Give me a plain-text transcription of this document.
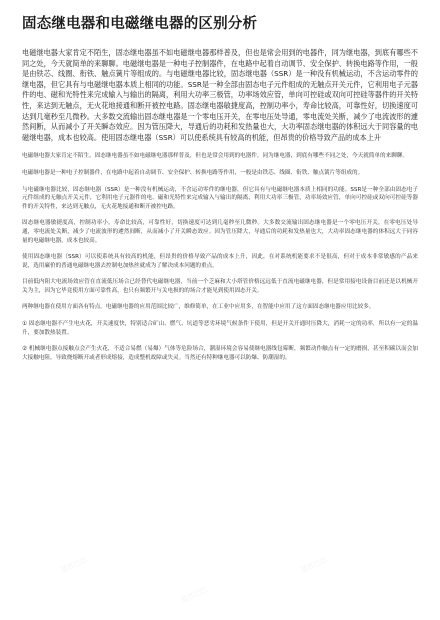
固态继电器和电磁继电器的区别分析
电磁继电器大家肯定不陌生，固态继电器虽不如电磁继电器那样普及，但也是常会用到的电器件，同为继电器，到底有哪些不同之处，今天就简单的来聊聊。电磁继电器是一种电子控制器件，在电路中起着自动调节、安全保护、转换电路等作用，一般是由铁芯、线圈、衔铁、触点簧片等组成的。与电磁继电器比较，固态继电器（SSR）是一种没有机械运动，不含运动零件的继电器，但它具有与电磁继电器本质上相同的功能。SSR是一种全部由固态电子元件组成的无触点开关元件，它利用电子元器件的电、磁和光特性来完成输入与输出的隔离，利用大功率三极管，功率场效应管，单向可控硅或双向可控硅等器件的开关特性，来达到无触点，无火花地接通和断开被控电路。固态继电器敏捷度高，控制功率小，寿命比较高，可靠性好，切换速度可达到几毫秒至几微秒。大多数交流输出固态继电器是一个零电压开关，在零电压处导通，零电流处关断，减少了电流波形的遽然间断，从而减小了开关瞬态效应。因为管压降大，导通后的功耗和发热量也大，大功率固态继电器的体积远大于同容量的电磁继电器，成本也较高。使用固态继电器（SSR）可以使系统具有较高的机能，但昂贵的价格导致产品的成本上升
电磁继电器大家肯定不陌生，固态继电器虽不如电磁继电器那样普及，但也是常会用到的电器件，同为继电器，到底有哪些不同之处，今天就简单的来聊聊。
电磁继电器是一种电子控制器件，在电路中起着自动调节、安全保护、转换电路等作用，一般是由铁芯、线圈、衔铁、触点簧片等组成的。
与电磁继电器比较，固态继电器（SSR）是一种没有机械运动，不含运动零件的继电器，但它具有与电磁继电器本质上相同的功能。SSR是一种全部由固态电子元件组成的无触点开关元件，它利用电子元器件的电、磁和光特性来完成输入与输出的隔离，利用大功率三极管，功率场效应管，单向可控硅或双向可控硅等器件的开关特性，来达到无触点，无火花地接通和断开被控电路。
固态继电器敏捷度高，控制功率小，寿命比较高，可靠性好，切换速度可达到几毫秒至几微秒。大多数交流输出固态继电器是一个零电压开关，在零电压处导通，零电流处关断，减少了电流波形的遽然间断，从而减小了开关瞬态效应。因为管压降大，导通后的功耗和发热量也大，大功率固态继电器的体积远大于同容量的电磁继电器，成本也较高。
使用固态继电器（SSR）可以使系统具有较高的机能，但昂贵的价格导致产品的成本上升，因此，在对系统机能要求不是很高，但对于成本非常敏感的产品来说，选用廉价的普通电磁继电器去控制电加热丝就成为了解决成本问题的重点。
目前低内阻大电流场效应管在直流低压场合已经替代电磁继电器，当前一个乏麻和大小塔管价格远远低于直流电磁继电器，但是常用接电设备目前还是以机械开关为主，因为它毕竟使用方面可靠性高，也只有频繁开与关电损的的场合才能见到使用固态开关。
两种继电器在使用方面各有特点。电磁继电器的应用范围比较广，维修简单，在工业中应用多，在智能中应用了这方面固态继电器应用比较多。
① 固态继电器不产生电火花，开关速度快，特别适合矿山、燃气、坑道等恶劣环境气候条件下使用，但是开关开通时压降大，消耗一定的功率，所以有一定的温升，要加散热装置。
② 机械继电器点接触点会产生火花，不适合易燃（易爆）气体等危险场合，潮湿环境会容易使继电器线包霉断，频繁动作触点有一定的磨损，甚至积碳以而会加大接触电阻，导致烧熔断开或者形成熔接，造成整机故障或失灵。当然还有特种继电器可以防爆、防潮湿的。
道客巴巴
道客巴巴
道客巴巴
